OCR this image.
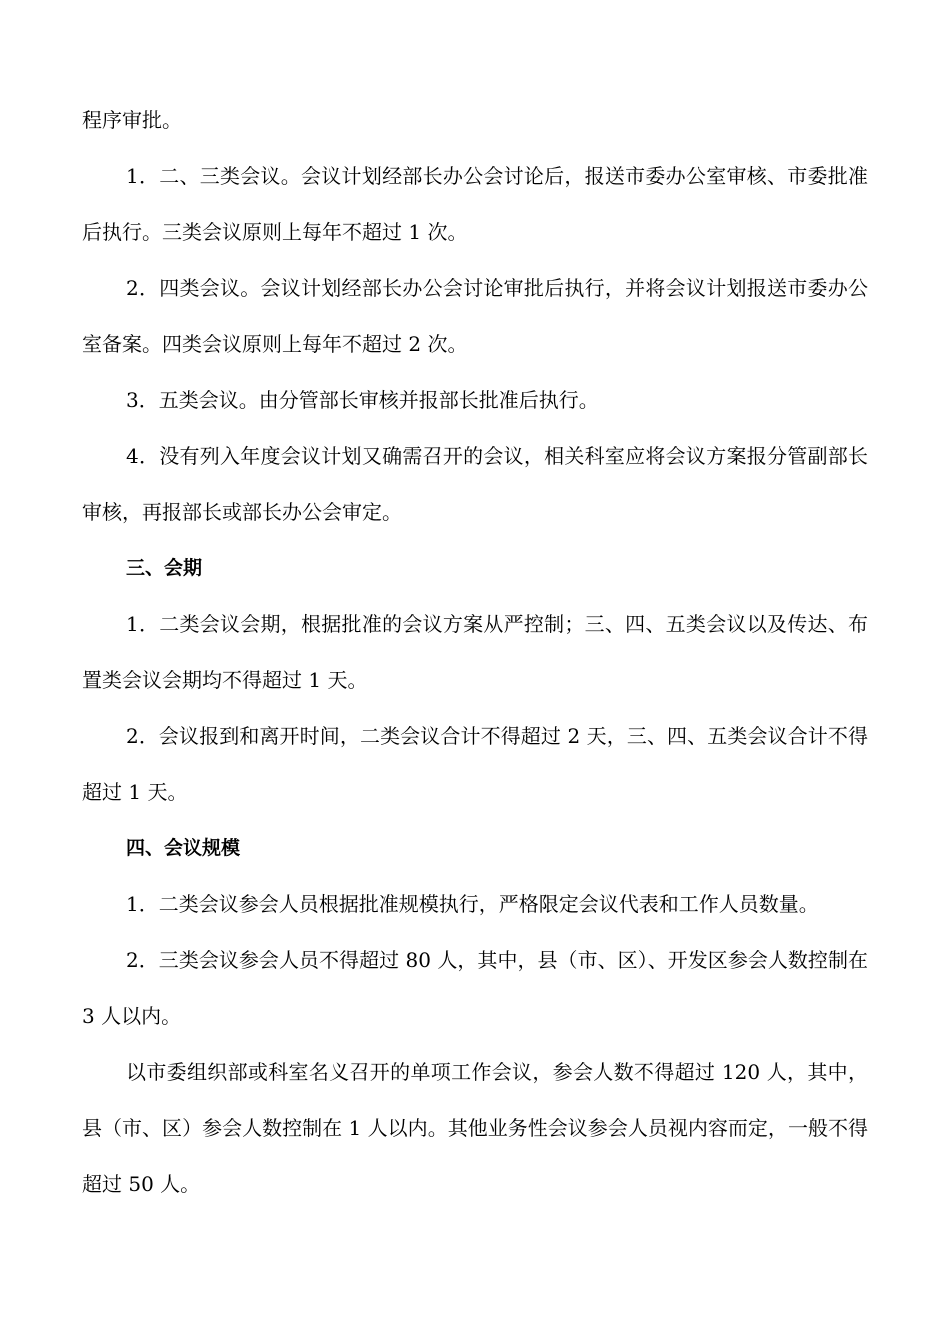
程序审批。

1．二、三类会议。会议计划经部长办公会讨论后，报送市委办公室审核、市委批准后执行。三类会议原则上每年不超过 1 次。

2．四类会议。会议计划经部长办公会讨论审批后执行，并将会议计划报送市委办公室备案。四类会议原则上每年不超过 2 次。

3．五类会议。由分管部长审核并报部长批准后执行。

4．没有列入年度会议计划又确需召开的会议，相关科室应将会议方案报分管副部长审核，再报部长或部长办公会审定。

三、会期

1．二类会议会期，根据批准的会议方案从严控制；三、四、五类会议以及传达、布置类会议会期均不得超过 1 天。

2．会议报到和离开时间，二类会议合计不得超过 2 天，三、四、五类会议合计不得超过 1 天。

四、会议规模

1．二类会议参会人员根据批准规模执行，严格限定会议代表和工作人员数量。

2．三类会议参会人员不得超过 80 人，其中，县（市、区）、开发区参会人数控制在 3 人以内。

以市委组织部或科室名义召开的单项工作会议，参会人数不得超过 120 人，其中，县（市、区）参会人数控制在 1 人以内。其他业务性会议参会人员视内容而定，一般不得超过 50 人。
